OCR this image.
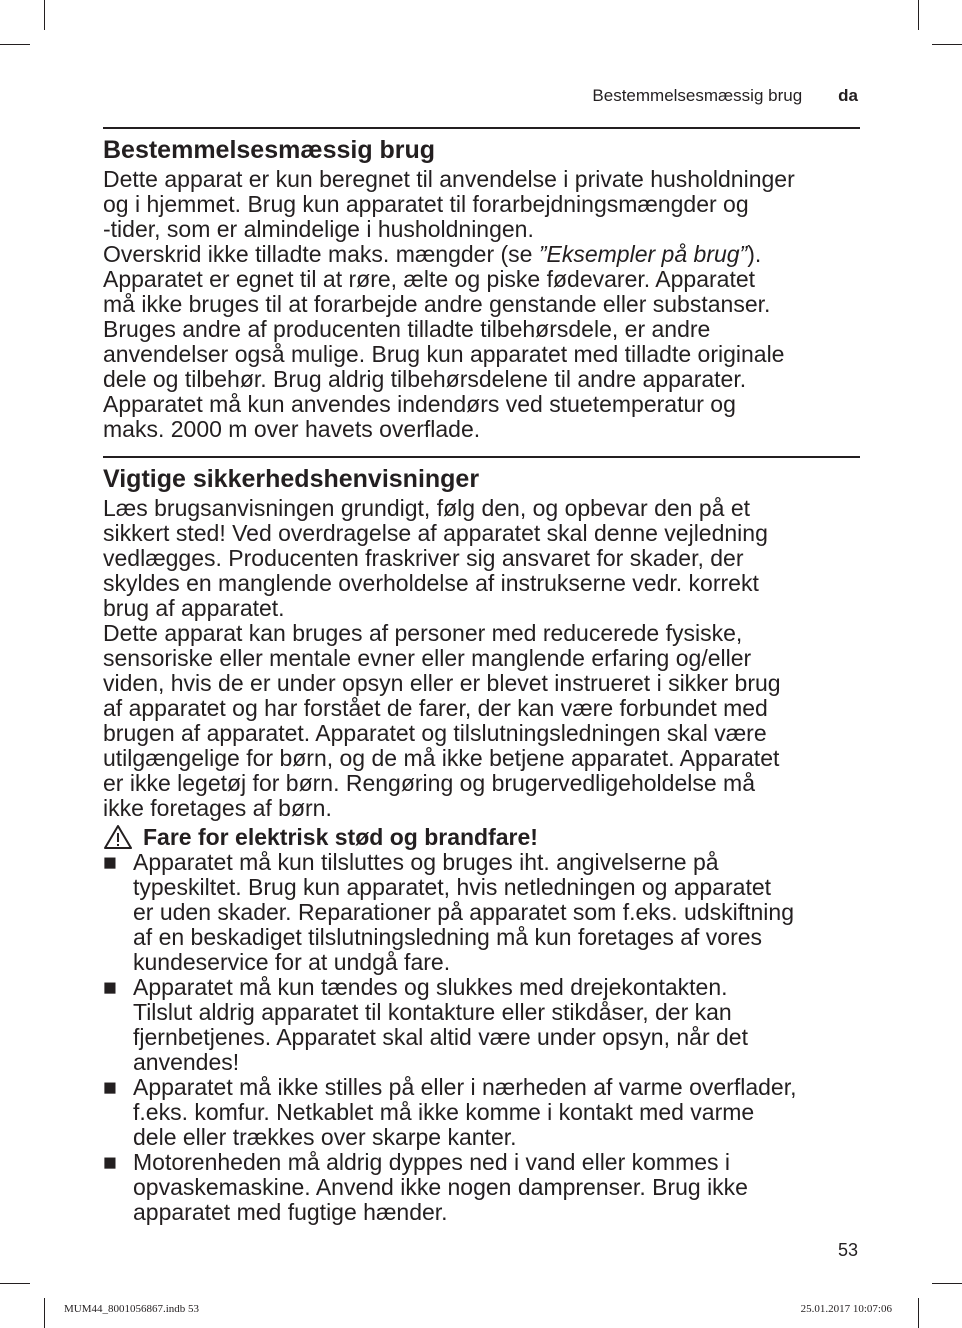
Bestemmelsesmæssig brug da
Bestemmelsesmæssig brug

Dette apparat er kun beregnet til anvendelse i private husholdninger

og i hjemmet. Brug kun apparatet til forarbejdningsmængder og

-tider, som er almindelige i husholdningen.

Overskrid ikke tilladte maks. mængder (se ”Eksempler på brug”).

Apparatet er egnet til at røre, ælte og piske fødevarer. Apparatet

må ikke bruges til at forarbejde andre genstande eller substanser.

Bruges andre af producenten tilladte tilbehørsdele, er andre

anvendelser også mulige. Brug kun apparatet med tilladte originale

dele og tilbehør. Brug aldrig tilbehørsdelene til andre apparater.

Apparatet må kun anvendes indendørs ved stuetemperatur og

maks. 2000 m over havets overflade.

Vigtige sikkerhedshenvisninger

Læs brugsanvisningen grundigt, følg den, og opbevar den på et

sikkert sted! Ved overdragelse af apparatet skal denne vejledning

vedlægges. Producenten fraskriver sig ansvaret for skader, der

skyldes en manglende overholdelse af instrukserne vedr. korrekt

brug af apparatet.

Dette apparat kan bruges af personer med reducerede fysiske,

sensoriske eller mentale evner eller manglende erfaring og/eller

viden, hvis de er under opsyn eller er blevet instrueret i sikker brug

af apparatet og har forstået de farer, der kan være forbundet med

brugen af apparatet. Apparatet og tilslutningsledningen skal være

utilgængelige for børn, og de må ikke betjene apparatet. Apparatet

er ikke legetøj for børn. Rengøring og brugervedligeholdelse må

ikke foretages af børn.

Fare for elektrisk stød og brandfare!
■ Apparatet må kun tilsluttes og bruges iht. angivelserne på
typeskiltet. Brug kun apparatet, hvis netledningen og apparatet
er uden skader. Reparationer på apparatet som f.eks. udskiftning
af en beskadiget tilslutningsledning må kun foretages af vores
kundeservice for at undgå fare.
■ Apparatet må kun tændes og slukkes med drejekontakten.
Tilslut aldrig apparatet til kontakture eller stikdåser, der kan
fjernbetjenes. Apparatet skal altid være under opsyn, når det
anvendes!
■ Apparatet må ikke stilles på eller i nærheden af varme overflader,
f.eks. komfur. Netkablet må ikke komme i kontakt med varme
dele eller trækkes over skarpe kanter.
■ Motorenheden må aldrig dyppes ned i vand eller kommes i
opvaskemaskine. Anvend ikke nogen damprenser. Brug ikke
apparatet med fugtige hænder.
53
MUM44_8001056867.indb 53	25.01.2017 10:07:06
